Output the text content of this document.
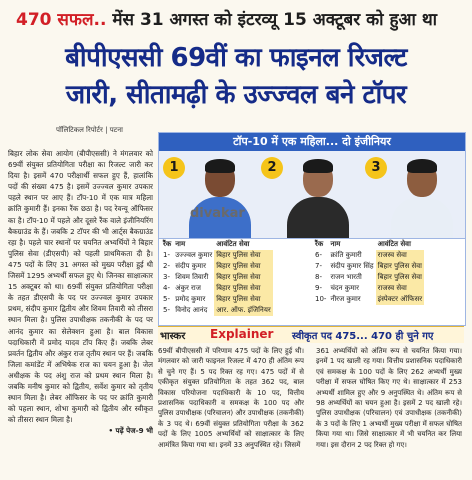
470 सफल.. मेंस 31 अगस्त को इंटरव्यू 15 अक्टूबर को हुआ था
बीपीएससी 69वीं का फाइनल रिजल्ट
जारी, सीतामढ़ी के उज्ज्वल बने टॉपर
पॉलिटिकल रिपोर्टर | पटना
बिहार लोक सेवा आयोग (बीपीएससी) ने मंगलवार को 69वीं संयुक्त प्रतियोगिता परीक्षा का रिजल्ट जारी कर दिया है। इसमें 470 परीक्षार्थी सफल हुए हैं, हालांकि पदों की संख्या 475 है। इसमें उज्ज्वल कुमार उपकार पहले स्थान पर आए हैं। टॉप-10 में एक मात्र महिला क्रांति कुमारी हैं। इनका रैंक छठा है। पद रेवन्यू ऑफिसर का है। टॉप-10 में पहले और दूसरे रैंक वाले इंजीनियरिंग बैकग्राउंड के हैं। जबकि 2 टॉपर की भी आर्ट्स बैकग्राउंड रहा है। पहले चार स्थानों पर चयनित अभ्यर्थियों ने बिहार पुलिस सेवा (डीएसपी) को पहली प्राथमिकता दी है। 475 पदों के लिए 31 अगस्त को मुख्य परीक्षा हुई थी जिसमें 1295 अभ्यर्थी सफल हुए थे। जिनका साक्षात्कार 15 अक्टूबर को था। 69वीं संयुक्त प्रतियोगिता परीक्षा के तहत डीएसपी के पद पर उज्ज्वल कुमार उपकार प्रथम, संदीप कुमार द्वितीय और शिवम तिवारी को तीसरा स्थान मिला है। पुलिस उपाधीक्षक तकनीकी के पद पर आनंद कुमार का सेलेक्शन हुआ है। बाल विकास पदाधिकारी में प्रमोद यादव टॉप किए हैं। जबकि लेबर प्रवर्तन द्वितीय और अंकुर राज तृतीय स्थान पर हैं। जबकि जिला कमांडेंट में अभिषेक राज का चयन हुआ है। जेल अधीक्षक के पद अंशु राज को प्रथम स्थान मिला है। जबकि मनीष कुमार को द्वितीय, सर्वेश कुमार को तृतीय स्थान मिला है। लेबर ऑफिसर के पद पर क्रांति कुमारी को पहला स्थान, शोभा कुमारी को द्वितीय और स्वीकृत को तीसरा स्थान मिला है।
• पढ़ें पेज-9 भी
टॉप-10 में एक महिला... दो इंजीनियर
1	2	3
divakar
रैंक	नाम	आवंटित सेवा
1-	उज्ज्वल कुमार	बिहार पुलिस सेवा
2-	संदीप कुमार	बिहार पुलिस सेवा
3-	शिवम तिवारी	बिहार पुलिस सेवा
4-	अंकुर राज	बिहार पुलिस सेवा
5-	प्रमोद कुमार	बिहार पुलिस सेवा
5-	विनोद आनंद	आर. ऑफ. इंजिनियर
रैंक	नाम	आवंटित सेवा
6-	क्रांति कुमारी	राजस्व सेवा
7-	संदीप कुमार सिंह	बिहार पुलिस सेवा
8-	राजन भारती	बिहार पुलिस सेवा
9-	चंदन कुमार	राजस्व सेवा
10-	नीरज कुमार	इंस्पेक्टर ऑफिसर
भास्कर Explainer स्वीकृत पद 475... 470 ही चुने गए
69वीं बीपीएससी में परिणाम 475 पदों के लिए हुई थी। मंगलवार को जारी फाइनल रिजल्ट में 470 ही अंतिम रूप से चुने गए हैं। 5 पद रिक्त रह गए। 475 पदों में से एकीकृत संयुक्त प्रतियोगिता के तहत 362 पद, बाल विकास परियोजना पदाधिकारी के 10 पद, वित्तीय प्रशासनिक पदाधिकारी व समकक्ष के 100 पद और पुलिस उपाधीक्षक (परिचालन) और उपाधीक्षक (तकनीकी) के 3 पद थे। 69वीं संयुक्त प्रतियोगिता परीक्षा के 362 पदों के लिए 1005 अभ्यर्थियों को साक्षात्कार के लिए आमंत्रित किया गया था। इनमें 33 अनुपस्थित रहे। जिसमें
361 अभ्यर्थियों को अंतिम रूप से चयनित किया गया। इनमें 1 पद खाली रह गया। वित्तीय प्रशासनिक पदाधिकारी एवं समकक्ष के 100 पदों के लिए 262 अभ्यर्थी मुख्य परीक्षा में सफल घोषित किए गए थे। साक्षात्कार में 253 अभ्यर्थी शामिल हुए और 9 अनुपस्थित थे। अंतिम रूप से 98 अभ्यर्थियों का चयन हुआ है। इसमें 2 पद खाली रहे। पुलिस उपाधीक्षक (परिचालन) एवं उपाधीक्षक (तकनीकी) के 3 पदों के लिए 1 अभ्यर्थी मुख्य परीक्षा में सफल घोषित किया गया था। जिसे साक्षात्कार में भी चयनित कर लिया गया। इस दौरान 2 पद रिक्त हो गए।
